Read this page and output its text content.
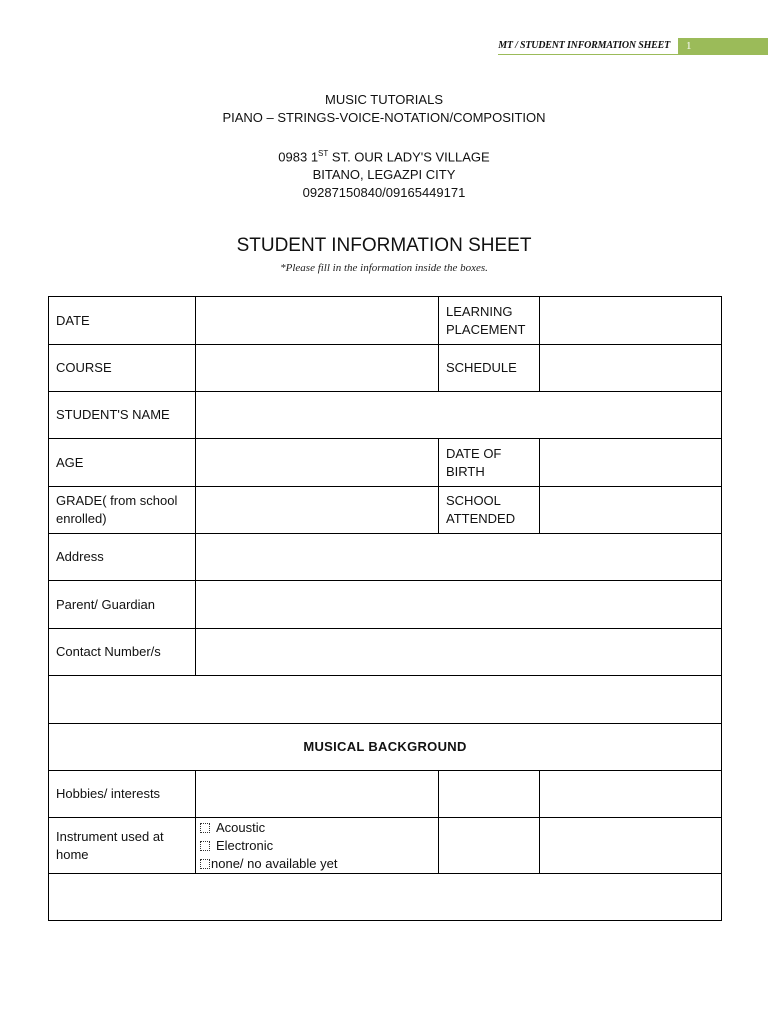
MT / STUDENT INFORMATION SHEET	1

MUSIC TUTORIALS

PIANO – STRINGS-VOICE-NOTATION/COMPOSITION

0983 1ST ST. OUR LADY'S VILLAGE

BITANO, LEGAZPI CITY

09287150840/09165449171

STUDENT INFORMATION SHEET
*Please fill in the information inside the boxes.
DATE		LEARNING PLACEMENT	
COURSE		SCHEDULE	
STUDENT'S NAME			
AGE		DATE OF BIRTH	
GRADE( from school enrolled)		SCHOOL ATTENDED	
Address			
Parent/ Guardian			
Contact Number/s			

MUSICAL BACKGROUND			
Hobbies/ interests			
Instrument used at home	Acoustic
Electronic
none/ no available yet		
